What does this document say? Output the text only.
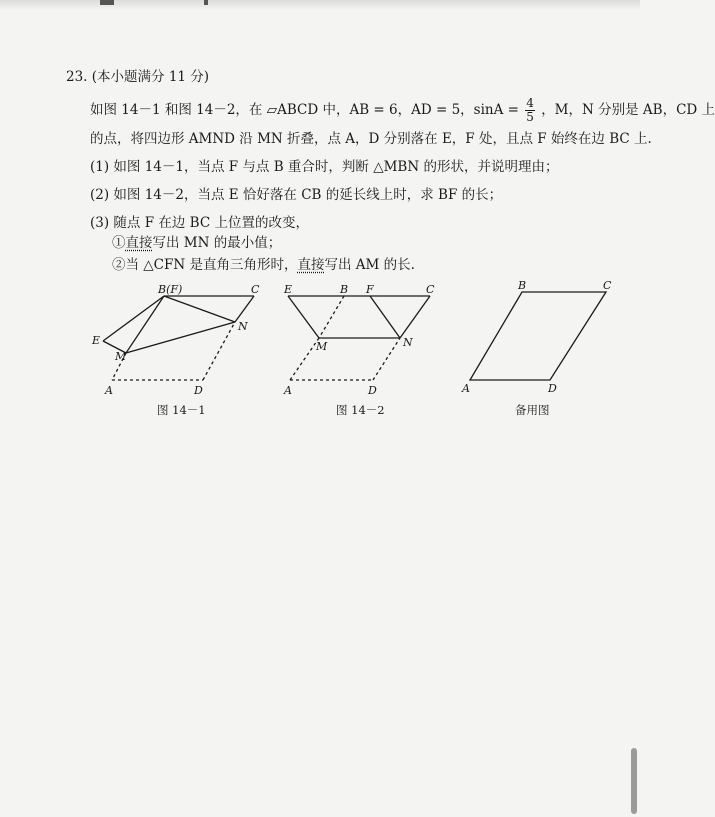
23. (本小题满分 11 分)
如图 14－1 和图 14－2，在 ▱ABCD 中，AB = 6，AD = 5，$\sin A = \frac{4}{5}$ ，M，N 分别是 AB，CD 上
的点，将四边形 AMND 沿 MN 折叠，点 A，D 分别落在 E，F 处，且点 F 始终在边 BC 上.
(1) 如图 14－1，当点 F 与点 B 重合时，判断 △MBN 的形状，并说明理由；
(2) 如图 14－2，当点 E 恰好落在 CB 的延长线上时，求 BF 的长；
(3) 随点 F 在边 BC 上位置的改变，
①直接写出 MN 的最小值；
②当 △CFN 是直角三角形时，直接写出 AM 的长.
B(F)	C
E
M
N
A	D
E	B F	C
M	N
A	D
B	C
A	D
图 14－1	图 14－2	备用图
